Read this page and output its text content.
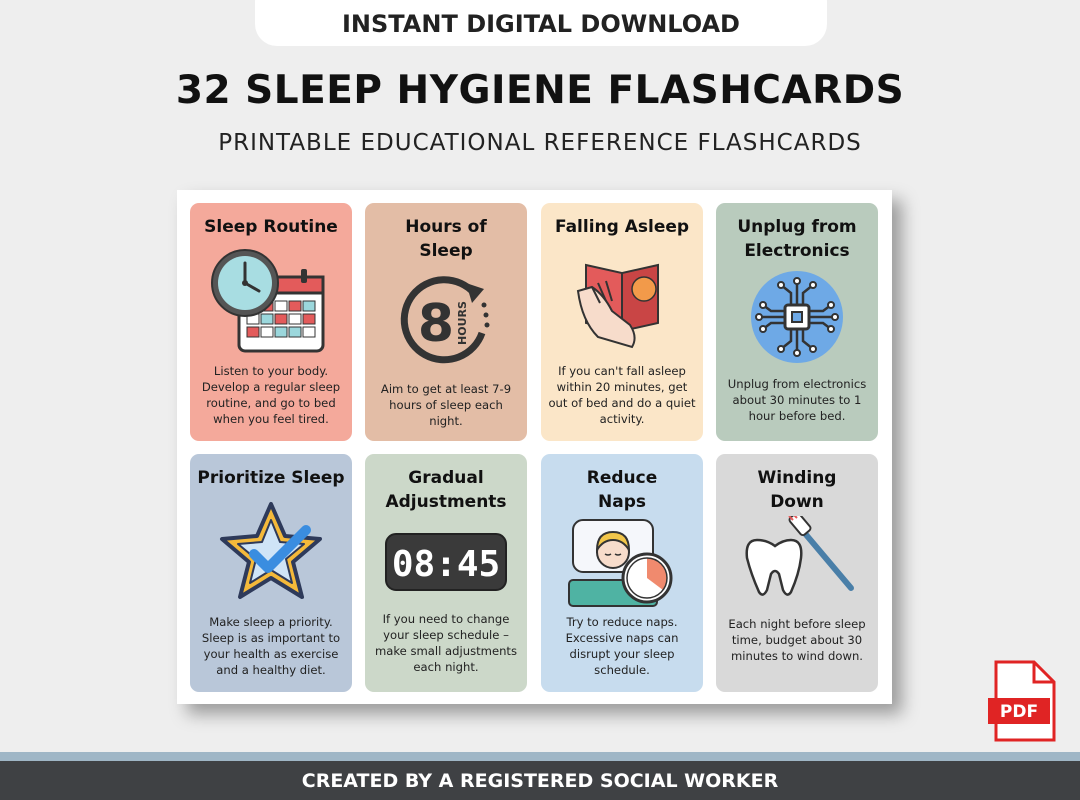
INSTANT DIGITAL DOWNLOAD
32 SLEEP HYGIENE FLASHCARDS
PRINTABLE EDUCATIONAL REFERENCE FLASHCARDS
Sleep Routine
Listen to your body. Develop a regular sleep routine, and go to bed when you feel tired.
Hours of Sleep
8 HOURS
Aim to get at least 7-9 hours of sleep each night.
Falling Asleep
If you can't fall asleep within 20 minutes, get out of bed and do a quiet activity.
Unplug from Electronics
Unplug from electronics about 30 minutes to 1 hour before bed.
Prioritize Sleep
Make sleep a priority. Sleep is as important to your health as exercise and a healthy diet.
Gradual Adjustments
08:45
If you need to change your sleep schedule – make small adjustments each night.
Reduce Naps
Try to reduce naps. Excessive naps can disrupt your sleep schedule.
Winding Down
Each night before sleep time, budget about 30 minutes to wind down.
PDF
CREATED BY A REGISTERED SOCIAL WORKER
